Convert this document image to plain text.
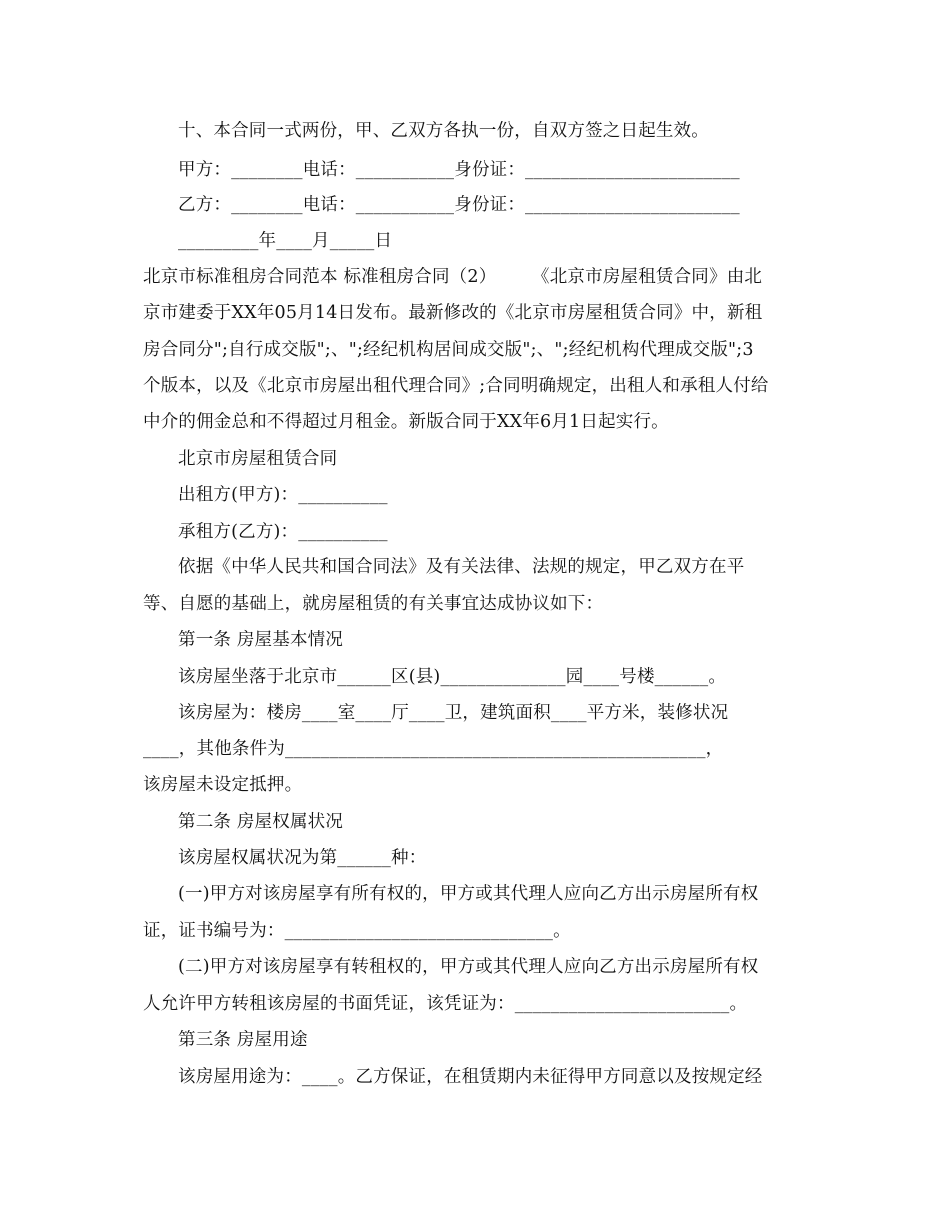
十、本合同一式两份，甲、乙双方各执一份，自双方签之日起生效。
甲方：________电话：___________身份证：________________________
乙方：________电话：___________身份证：________________________
_________年____月_____日
北京市标准租房合同范本 标准租房合同（2）　　　《北京市房屋租赁合同》由北
京市建委于XX年05月14日发布。最新修改的《北京市房屋租赁合同》中，新租
房合同分";自行成交版";、";经纪机构居间成交版";、";经纪机构代理成交版";3
个版本，以及《北京市房屋出租代理合同》;合同明确规定，出租人和承租人付给
中介的佣金总和不得超过月租金。新版合同于XX年6月1日起实行。
北京市房屋租赁合同
出租方(甲方)：__________
承租方(乙方)：__________
依据《中华人民共和国合同法》及有关法律、法规的规定，甲乙双方在平
等、自愿的基础上，就房屋租赁的有关事宜达成协议如下：
第一条 房屋基本情况
该房屋坐落于北京市______区(县)______________园____号楼______。
该房屋为：楼房____室____厅____卫，建筑面积____平方米，装修状况
____，其他条件为_______________________________________________，
该房屋未设定抵押。
第二条 房屋权属状况
该房屋权属状况为第______种：
(一)甲方对该房屋享有所有权的，甲方或其代理人应向乙方出示房屋所有权
证，证书编号为：______________________________。
(二)甲方对该房屋享有转租权的，甲方或其代理人应向乙方出示房屋所有权
人允许甲方转租该房屋的书面凭证，该凭证为：________________________。
第三条 房屋用途
该房屋用途为：____。乙方保证，在租赁期内未征得甲方同意以及按规定经
